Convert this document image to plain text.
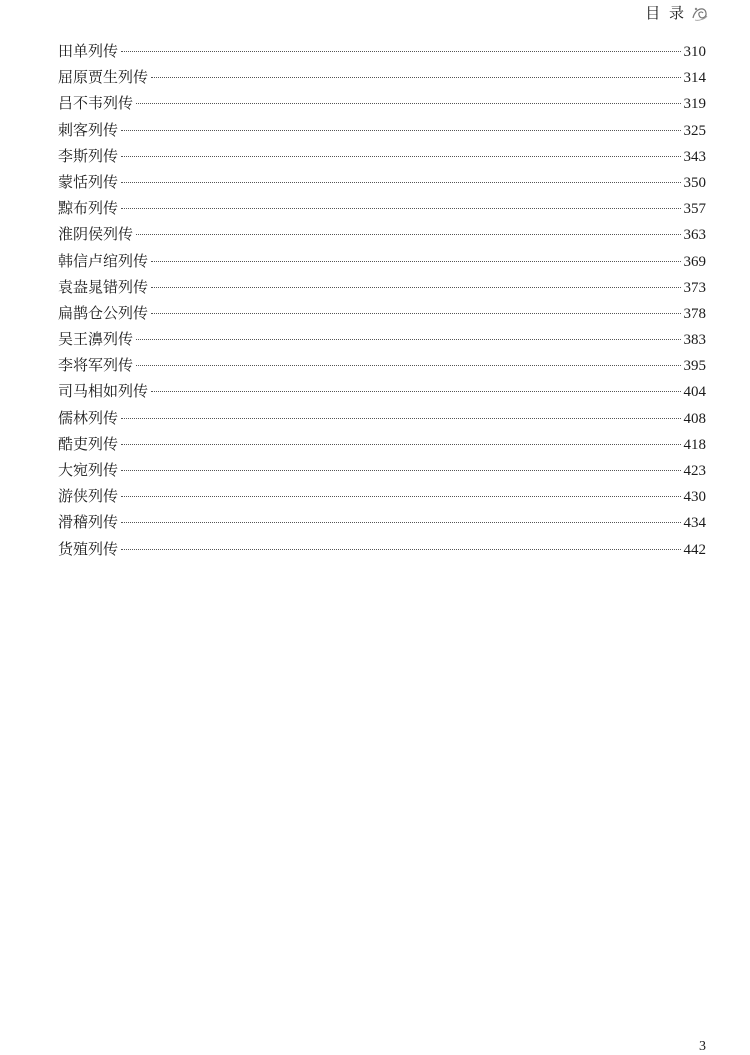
目 录
田单列传	310
屈原贾生列传	314
吕不韦列传	319
刺客列传	325
李斯列传	343
蒙恬列传	350
黥布列传	357
淮阴侯列传	363
韩信卢绾列传	369
袁盎晁错列传	373
扁鹊仓公列传	378
吴王濞列传	383
李将军列传	395
司马相如列传	404
儒林列传	408
酷吏列传	418
大宛列传	423
游侠列传	430
滑稽列传	434
货殖列传	442
3
